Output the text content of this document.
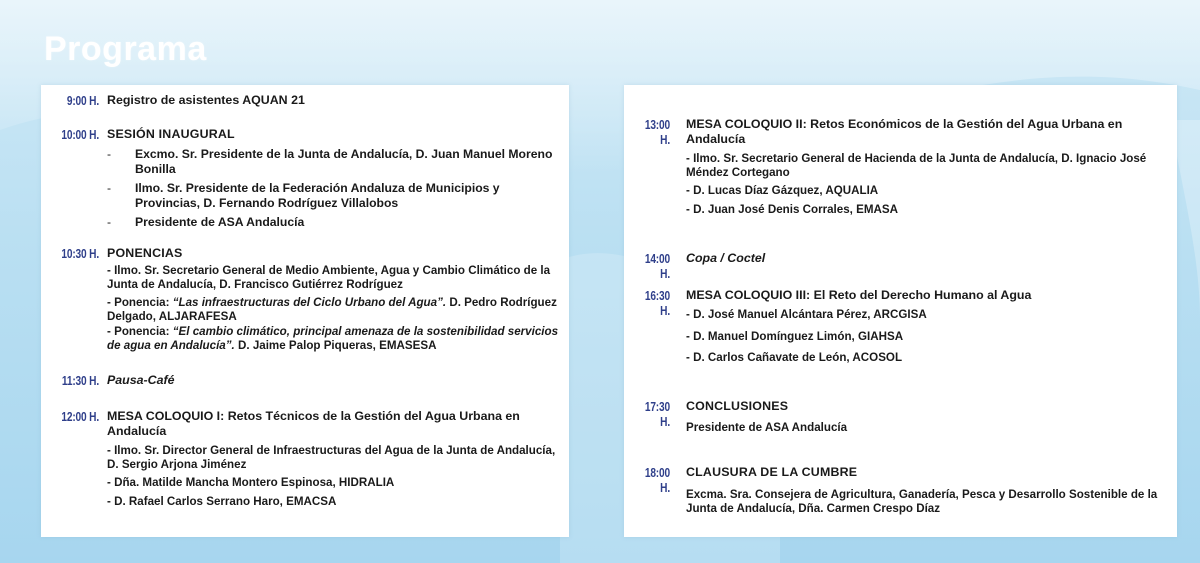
Programa
9:00 H. Registro de asistentes AQUAN 21
10:00 H. SESIÓN INAUGURAL
- Excmo. Sr. Presidente de la Junta de Andalucía, D. Juan Manuel Moreno Bonilla
- Ilmo. Sr. Presidente de la Federación Andaluza de Municipios y Provincias, D. Fernando Rodríguez Villalobos
- Presidente de ASA Andalucía
10:30 H. PONENCIAS
- Ilmo. Sr. Secretario General de Medio Ambiente, Agua y Cambio Climático de la Junta de Andalucía, D. Francisco Gutiérrez Rodríguez
- Ponencia: “Las infraestructuras del Ciclo Urbano del Agua”. D. Pedro Rodríguez Delgado, ALJARAFESA
- Ponencia: “El cambio climático, principal amenaza de la sostenibilidad servicios de agua en Andalucía”. D. Jaime Palop Piqueras, EMASESA
11:30 H. Pausa-Café
12:00 H. MESA COLOQUIO I: Retos Técnicos de la Gestión del Agua Urbana en Andalucía
- Ilmo. Sr. Director General de Infraestructuras del Agua de la Junta de Andalucía, D. Sergio Arjona Jiménez
- Dña. Matilde Mancha Montero Espinosa, HIDRALIA
- D. Rafael Carlos Serrano Haro, EMACSA
13:00 H.
MESA COLOQUIO II: Retos Económicos de la Gestión del Agua Urbana en Andalucía
- Ilmo. Sr. Secretario General de Hacienda de la Junta de Andalucía, D. Ignacio José Méndez Cortegano
- D. Lucas Díaz Gázquez, AQUALIA
- D. Juan José Denis Corrales, EMASA
14:00 H.
Copa / Coctel
16:30 H.
MESA COLOQUIO III: El Reto del Derecho Humano al Agua
- D. José Manuel Alcántara Pérez, ARCGISA
- D. Manuel Domínguez Limón, GIAHSA
- D. Carlos Cañavate de León, ACOSOL
17:30 H.
CONCLUSIONES
Presidente de ASA Andalucía
18:00 H.
CLAUSURA DE LA CUMBRE
Excma. Sra. Consejera de Agricultura, Ganadería, Pesca y Desarrollo Sostenible de la Junta de Andalucía, Dña. Carmen Crespo Díaz
